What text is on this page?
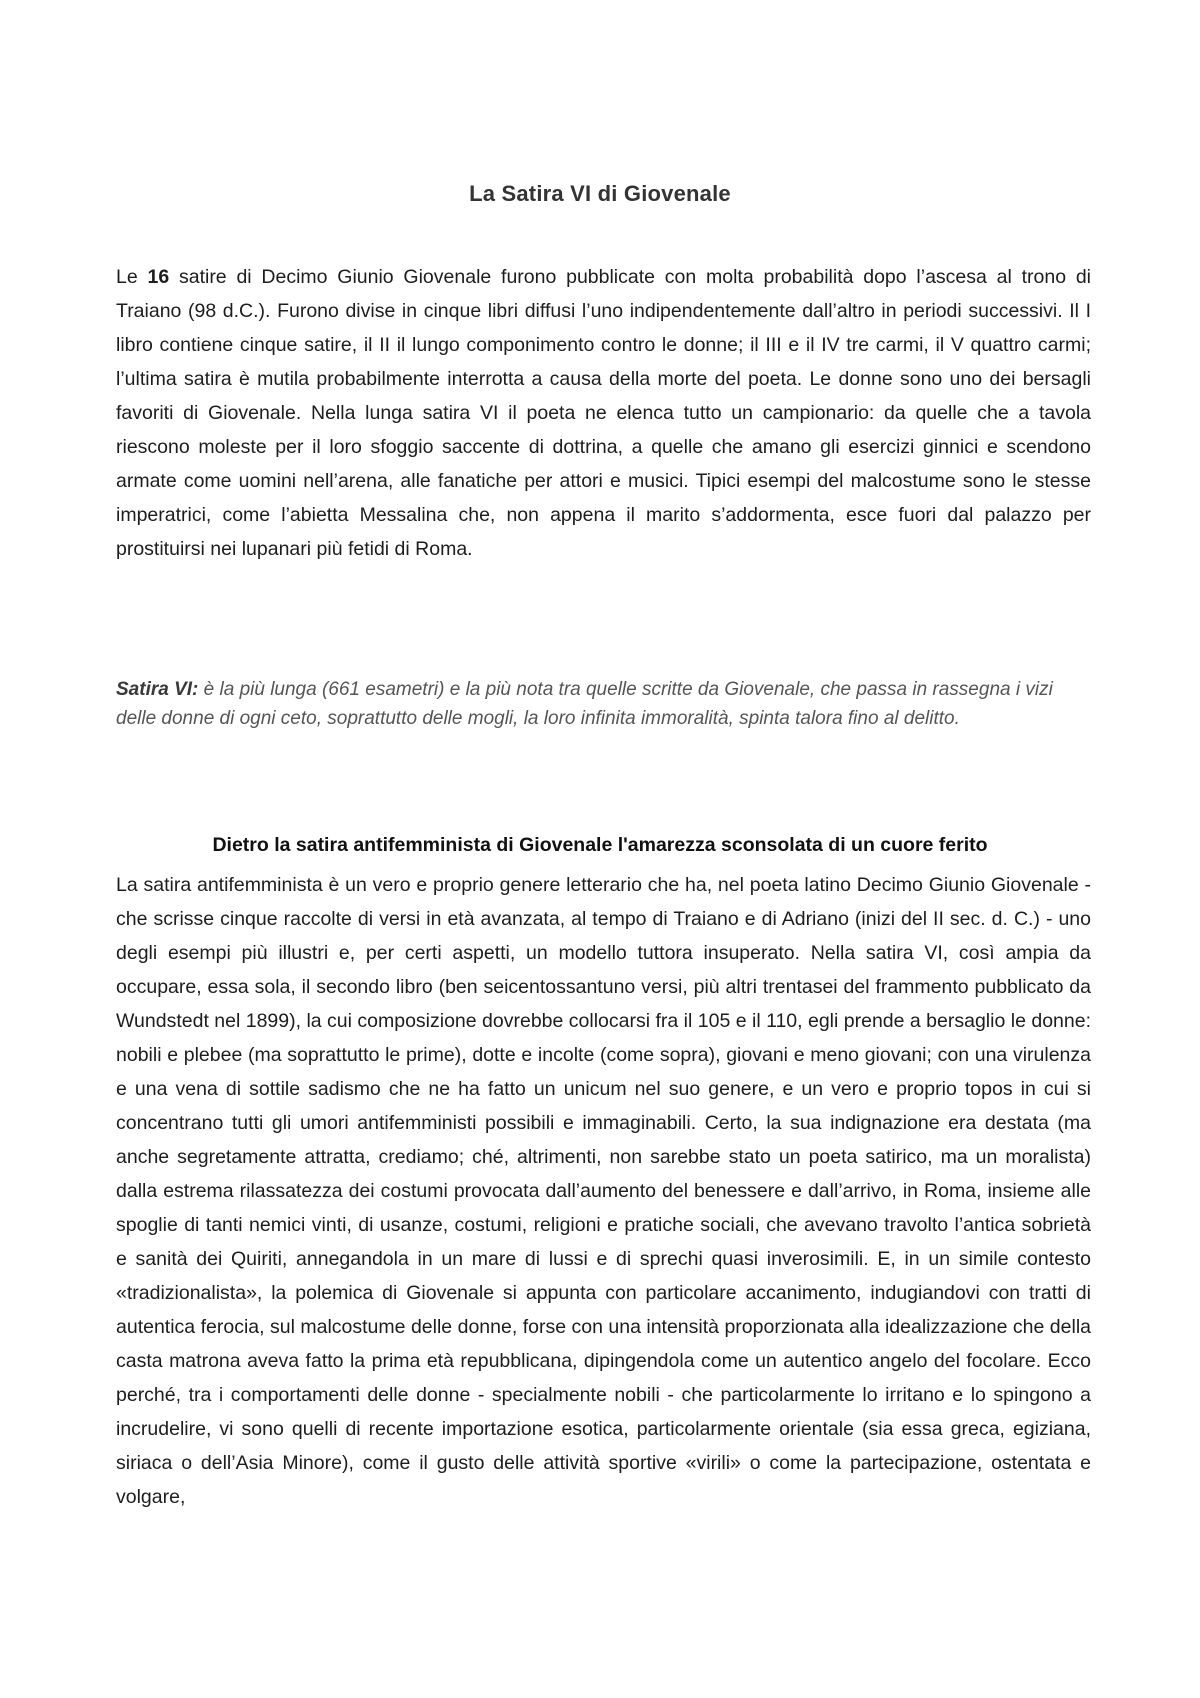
La Satira VI di Giovenale

Le 16 satire di Decimo Giunio Giovenale furono pubblicate con molta probabilità dopo l’ascesa al trono di Traiano (98 d.C.). Furono divise in cinque libri diffusi l’uno indipendentemente dall’altro in periodi successivi. Il I libro contiene cinque satire, il II il lungo componimento contro le donne; il III e il IV tre carmi, il V quattro carmi; l’ultima satira è mutila probabilmente interrotta a causa della morte del poeta. Le donne sono uno dei bersagli favoriti di Giovenale. Nella lunga satira VI il poeta ne elenca tutto un campionario: da quelle che a tavola riescono moleste per il loro sfoggio saccente di dottrina, a quelle che amano gli esercizi ginnici e scendono armate come uomini nell’arena, alle fanatiche per attori e musici. Tipici esempi del malcostume sono le stesse imperatrici, come l’abietta Messalina che, non appena il marito s’addormenta, esce fuori dal palazzo per prostituirsi nei lupanari più fetidi di Roma.

Satira VI: è la più lunga (661 esametri) e la più nota tra quelle scritte da Giovenale, che passa in rassegna i vizi delle donne di ogni ceto, soprattutto delle mogli, la loro infinita immoralità, spinta talora fino al delitto.

Dietro la satira antifemminista di Giovenale l'amarezza sconsolata di un cuore ferito

La satira antifemminista è un vero e proprio genere letterario che ha, nel poeta latino Decimo Giunio Giovenale - che scrisse cinque raccolte di versi in età avanzata, al tempo di Traiano e di Adriano (inizi del II sec. d. C.) - uno degli esempi più illustri e, per certi aspetti, un modello tuttora insuperato. Nella satira VI, così ampia da occupare, essa sola, il secondo libro (ben seicentossantuno versi, più altri trentasei del frammento pubblicato da Wundstedt nel 1899), la cui composizione dovrebbe collocarsi fra il 105 e il 110, egli prende a bersaglio le donne: nobili e plebee (ma soprattutto le prime), dotte e incolte (come sopra), giovani e meno giovani; con una virulenza e una vena di sottile sadismo che ne ha fatto un unicum nel suo genere, e un vero e proprio topos in cui si concentrano tutti gli umori antifemministi possibili e immaginabili. Certo, la sua indignazione era destata (ma anche segretamente attratta, crediamo; ché, altrimenti, non sarebbe stato un poeta satirico, ma un moralista) dalla estrema rilassatezza dei costumi provocata dall’aumento del benessere e dall’arrivo, in Roma, insieme alle spoglie di tanti nemici vinti, di usanze, costumi, religioni e pratiche sociali, che avevano travolto l’antica sobrietà e sanità dei Quiriti, annegandola in un mare di lussi e di sprechi quasi inverosimili. E, in un simile contesto «tradizionalista», la polemica di Giovenale si appunta con particolare accanimento, indugiandovi con tratti di autentica ferocia, sul malcostume delle donne, forse con una intensità proporzionata alla idealizzazione che della casta matrona aveva fatto la prima età repubblicana, dipingendola come un autentico angelo del focolare. Ecco perché, tra i comportamenti delle donne - specialmente nobili - che particolarmente lo irritano e lo spingono a incrudelire, vi sono quelli di recente importazione esotica, particolarmente orientale (sia essa greca, egiziana, siriaca o dell’Asia Minore), come il gusto delle attività sportive «virili» o come la partecipazione, ostentata e volgare,
